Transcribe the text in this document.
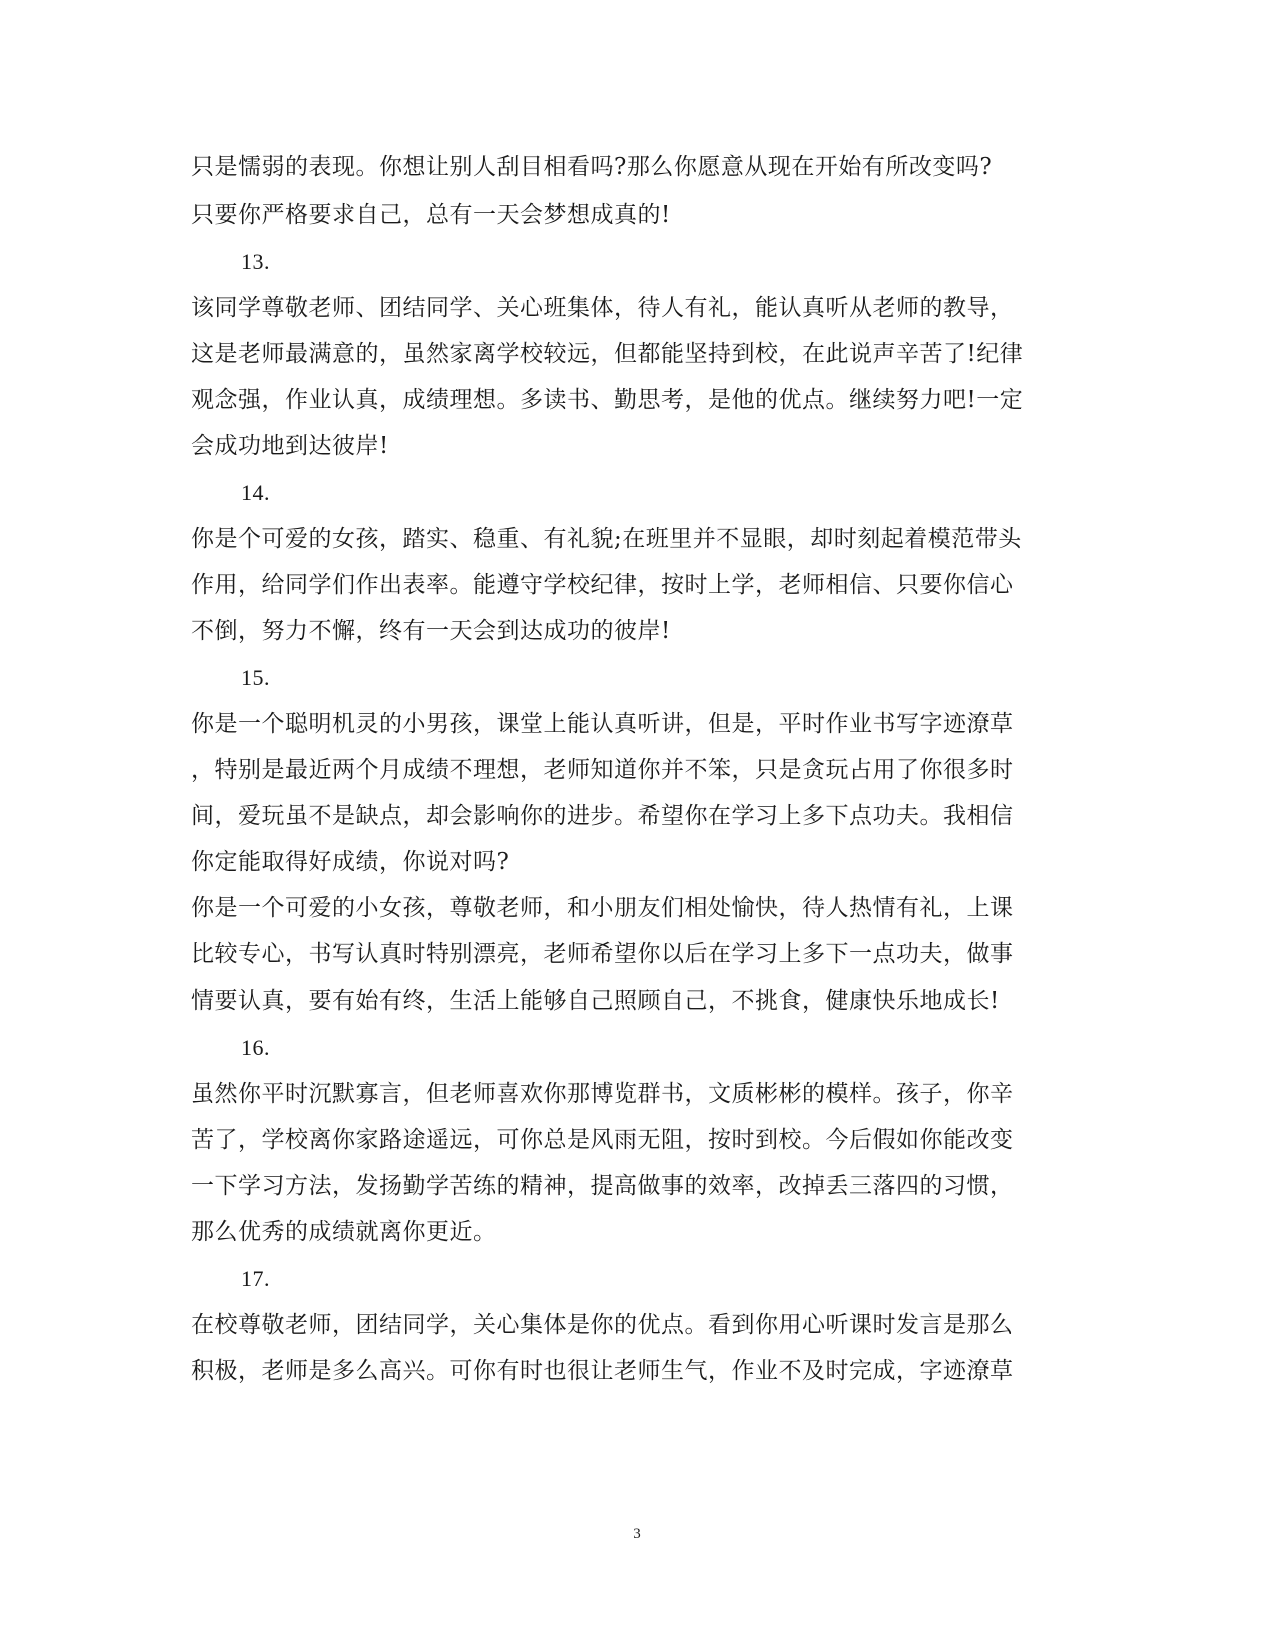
只是懦弱的表现。你想让别人刮目相看吗?那么你愿意从现在开始有所改变吗?
只要你严格要求自己，总有一天会梦想成真的!
13.
该同学尊敬老师、团结同学、关心班集体，待人有礼，能认真听从老师的教导，
这是老师最满意的，虽然家离学校较远，但都能坚持到校，在此说声辛苦了!纪律
观念强，作业认真，成绩理想。多读书、勤思考，是他的优点。继续努力吧!一定
会成功地到达彼岸!
14.
你是个可爱的女孩，踏实、稳重、有礼貌;在班里并不显眼，却时刻起着模范带头
作用，给同学们作出表率。能遵守学校纪律，按时上学，老师相信、只要你信心
不倒，努力不懈，终有一天会到达成功的彼岸!
15.
你是一个聪明机灵的小男孩，课堂上能认真听讲，但是，平时作业书写字迹潦草
，特别是最近两个月成绩不理想，老师知道你并不笨，只是贪玩占用了你很多时
间，爱玩虽不是缺点，却会影响你的进步。希望你在学习上多下点功夫。我相信
你定能取得好成绩，你说对吗?
你是一个可爱的小女孩，尊敬老师，和小朋友们相处愉快，待人热情有礼，上课
比较专心，书写认真时特别漂亮，老师希望你以后在学习上多下一点功夫，做事
情要认真，要有始有终，生活上能够自己照顾自己，不挑食，健康快乐地成长!
16.
虽然你平时沉默寡言，但老师喜欢你那博览群书，文质彬彬的模样。孩子，你辛
苦了，学校离你家路途遥远，可你总是风雨无阻，按时到校。今后假如你能改变
一下学习方法，发扬勤学苦练的精神，提高做事的效率，改掉丢三落四的习惯，
那么优秀的成绩就离你更近。
17.
在校尊敬老师，团结同学，关心集体是你的优点。看到你用心听课时发言是那么
积极，老师是多么高兴。可你有时也很让老师生气，作业不及时完成，字迹潦草
3
